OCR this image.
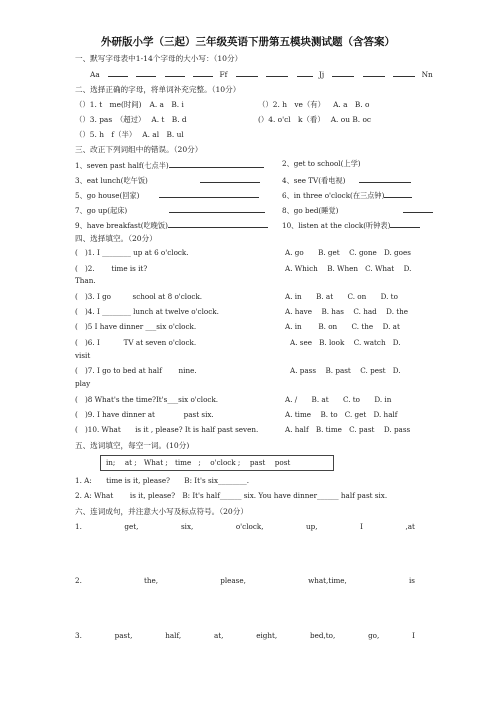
外研版小学（三起）三年级英语下册第五模块测试题（含答案）
一、默写字母表中1-14个字母的大小写：（10分）
Aa	Ff	Jj	Nn
二、选择正确的字母，将单词补充完整。（10分）
（）1. t　me(时间) A. a　B. i	（）2. h　ve（有） A. a　B. o
（）3. pas　（超过） A. t　B. d	(）4. o'cl　k（看） A. ou B. oc
（）5. h　f（半） A. al　B. ul
三、改正下列词组中的错误。（20分）
1、seven past half(七点半)	2、get to school(上学)
3、eat lunch(吃午饭)	4、see TV(看电视)
5、go house(回家)	6、in three o'clock(在三点钟)
7、go up(起床)	8、go bed(睡觉)
9、have breakfast(吃晚饭)	10、listen at the clock(听钟表)
四、选择填空。（20分）
(　)1. I ________ up at 6 o'clock.	A. go　　B. get　 C. gone　D. goes
(　)2.　　 time is it?	A. Which　 B. When　C. What　 D.
Than.
(　)3. I go　　　school at 8 o'clock.	A. in　　B. at　　C. on　　D. to
(　)4. I ________ lunch at twelve o'clock.	A. have　 B. has　 C. had　 D. the
(　)5 I have dinner ___six o'clock.	A. in　　 B. on　　C. the　 D. at
(　)6. I　　　 TV at seven o'clock.	A. see　B. look　 C. watch　D.
visit
(　)7. I go to bed at half　　 nine.	A. pass　 B. past　 C. pest　D.
play
(　)8 What's the time?It's___six o'clock.	A. /　　B. at　　C. to　　D. in
(　)9. I have dinner at　　　　past six.	A. time　 B. to　C. get　D. half
(　)10. What　　is it , please? It is half past seven.	A. half　B. time　C. past　 D. pass
五、选词填空，每空一词。(10分)
in;　 at ;　What ;　time　;　 o'clock ;　 past　 post
1. A:　　time is it, please?　　B: It's six________.
2. A: What　　 is it, please?　B: It's half______ six. You have dinner______ half past six.
六、连词成句，并注意大小写及标点符号。（20分）
1.	get,	six,	o'clock,	up,	I	,at
2.	the,	please,	what,time,	is
3.	past,	half,	at,	eight,	bed,to,	go,	I
